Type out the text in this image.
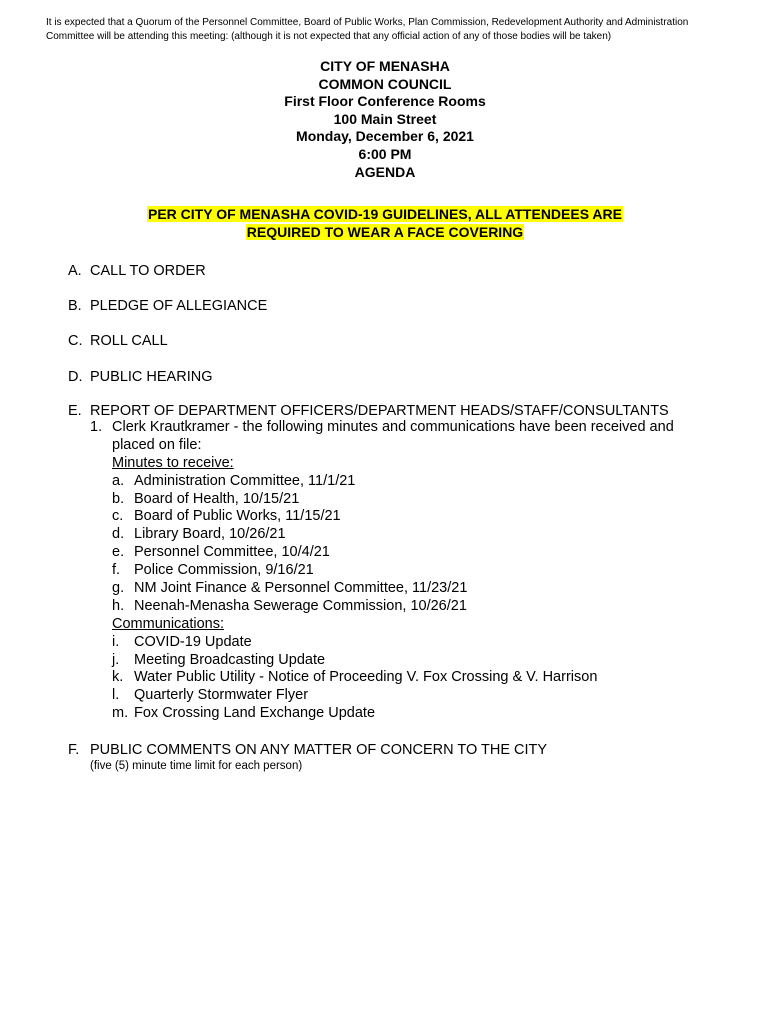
It is expected that a Quorum of the Personnel Committee, Board of Public Works, Plan Commission, Redevelopment Authority and Administration
Committee will be attending this meeting: (although it is not expected that any official action of any of those bodies will be taken)
CITY OF MENASHA
COMMON COUNCIL
First Floor Conference Rooms
100 Main Street
Monday, December 6, 2021
6:00 PM
AGENDA
PER CITY OF MENASHA COVID-19 GUIDELINES, ALL ATTENDEES ARE
REQUIRED TO WEAR A FACE COVERING
A. CALL TO ORDER
B. PLEDGE OF ALLEGIANCE
C. ROLL CALL
D. PUBLIC HEARING
E. REPORT OF DEPARTMENT OFFICERS/DEPARTMENT HEADS/STAFF/CONSULTANTS
1. Clerk Krautkramer - the following minutes and communications have been received and
placed on file:
Minutes to receive:
a. Administration Committee, 11/1/21
b. Board of Health, 10/15/21
c. Board of Public Works, 11/15/21
d. Library Board, 10/26/21
e. Personnel Committee, 10/4/21
f. Police Commission, 9/16/21
g. NM Joint Finance & Personnel Committee, 11/23/21
h. Neenah-Menasha Sewerage Commission, 10/26/21
Communications:
i. COVID-19 Update
j. Meeting Broadcasting Update
k. Water Public Utility - Notice of Proceeding V. Fox Crossing & V. Harrison
l. Quarterly Stormwater Flyer
m. Fox Crossing Land Exchange Update
F. PUBLIC COMMENTS ON ANY MATTER OF CONCERN TO THE CITY
(five (5) minute time limit for each person)
